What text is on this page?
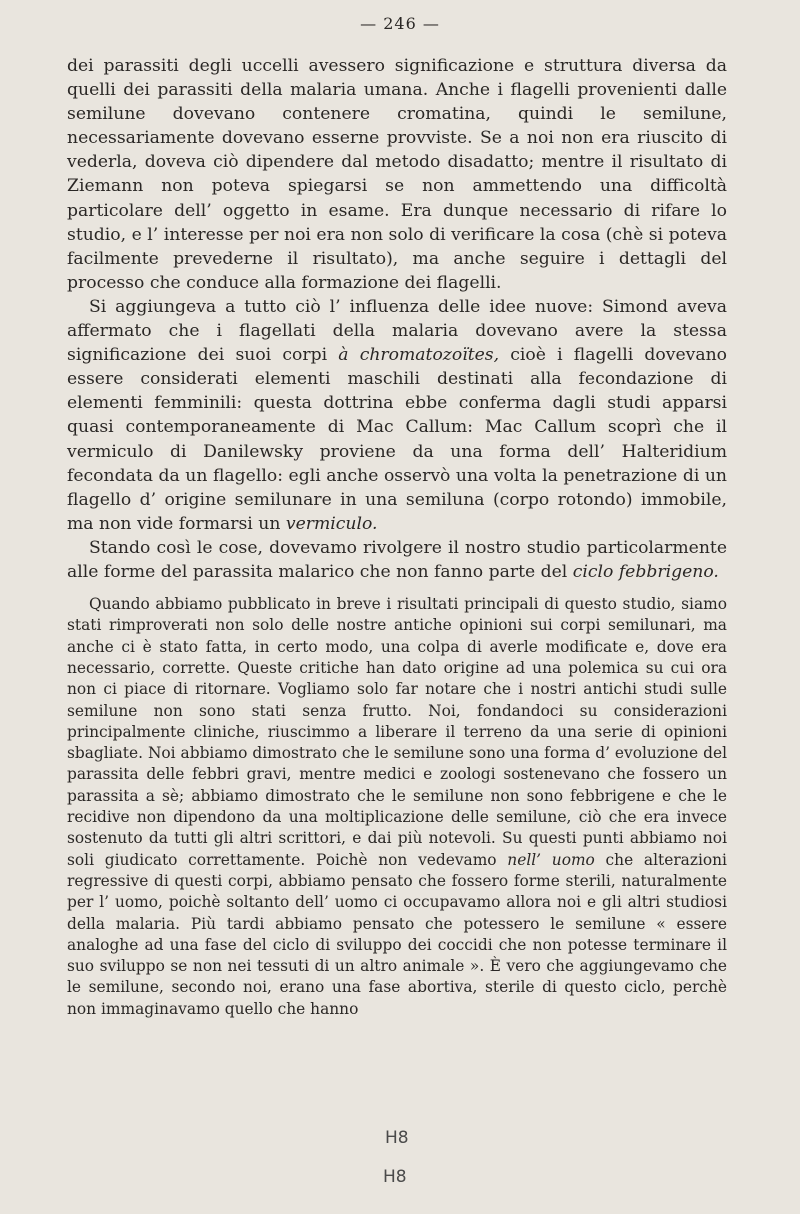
— 246 —

dei parassiti degli uccelli avessero significazione e struttura diversa da quelli dei parassiti della malaria umana. Anche i flagelli provenienti dalle semilune dovevano contenere cromatina, quindi le semilune, necessariamente dovevano esserne provviste. Se a noi non era riuscito di vederla, doveva ciò dipendere dal metodo disadatto; mentre il risultato di Ziemann non poteva spiegarsi se non ammettendo una difficoltà particolare dell’ oggetto in esame. Era dunque necessario di rifare lo studio, e l’ interesse per noi era non solo di verificare la cosa (chè si poteva facilmente prevederne il risultato), ma anche seguire i dettagli del processo che conduce alla formazione dei flagelli.

Si aggiungeva a tutto ciò l’ influenza delle idee nuove: Simond aveva affermato che i flagellati della malaria dovevano avere la stessa significazione dei suoi corpi à chromatozoïtes, cioè i flagelli dovevano essere considerati elementi maschili destinati alla fecondazione di elementi femminili: questa dottrina ebbe conferma dagli studi apparsi quasi contemporaneamente di Mac Callum: Mac Callum scoprì che il vermiculo di Danilewsky proviene da una forma dell’ Halteridium fecondata da un flagello: egli anche osservò una volta la penetrazione di un flagello d’ origine semilunare in una semiluna (corpo rotondo) immobile, ma non vide formarsi un vermiculo.

Stando così le cose, dovevamo rivolgere il nostro studio particolarmente alle forme del parassita malarico che non fanno parte del ciclo febbrigeno.

Quando abbiamo pubblicato in breve i risultati principali di questo studio, siamo stati rimproverati non solo delle nostre antiche opinioni sui corpi semilunari, ma anche ci è stato fatta, in certo modo, una colpa di averle modificate e, dove era necessario, corrette. Queste critiche han dato origine ad una polemica su cui ora non ci piace di ritornare. Vogliamo solo far notare che i nostri antichi studi sulle semilune non sono stati senza frutto. Noi, fondandoci su considerazioni principalmente cliniche, riuscimmo a liberare il terreno da una serie di opinioni sbagliate. Noi abbiamo dimostrato che le semilune sono una forma d’ evoluzione del parassita delle febbri gravi, mentre medici e zoologi sostenevano che fossero un parassita a sè; abbiamo dimostrato che le semilune non sono febbrigene e che le recidive non dipendono da una moltiplicazione delle semilune, ciò che era invece sostenuto da tutti gli altri scrittori, e dai più notevoli. Su questi punti abbiamo noi soli giudicato correttamente. Poichè non vedevamo nell’ uomo che alterazioni regressive di questi corpi, abbiamo pensato che fossero forme sterili, naturalmente per l’ uomo, poichè soltanto dell’ uomo ci occupavamo allora noi e gli altri studiosi della malaria. Più tardi abbiamo pensato che potessero le semilune « essere analoghe ad una fase del ciclo di sviluppo dei coccidi che non potesse terminare il suo sviluppo se non nei tessuti di un altro animale ». È vero che aggiungevamo che le semilune, secondo noi, erano una fase abortiva, sterile di questo ciclo, perchè non immaginavamo quello che hanno

H8
H8
